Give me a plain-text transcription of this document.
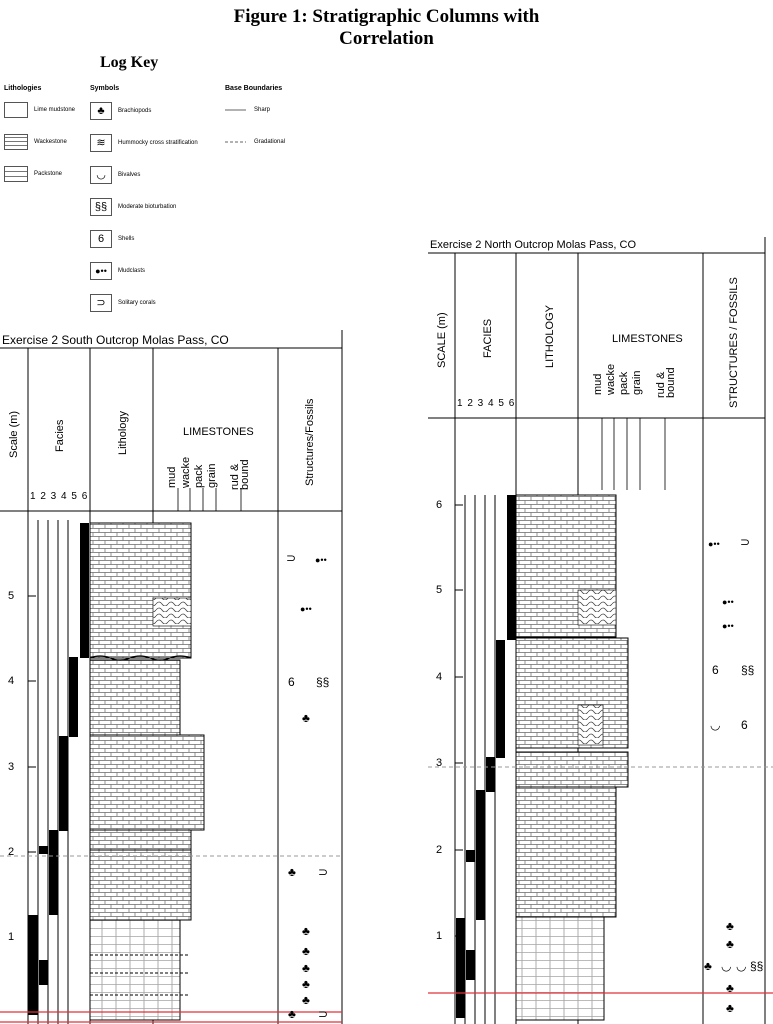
Figure 1: Stratigraphic Columns with
Correlation
Log Key
Lithologies	Symbols	Base Boundaries
Lime mudstone
Wackestone
Packstone
♣	Brachiopods
≋	Hummocky cross stratification
◡	Bivalves
§§	Moderate bioturbation
6	Shells
●••	Mudclasts
⊃	Solitary corals
Sharp
Gradational
Exercise 2 South Outcrop Molas Pass, CO
Scale (m)	Facies
1 2 3 4 5 6
Lithology	LIMESTONES
mud wacke pack grain rud & bound	Structures/Fossils
5
4
3
2
1
⊃ ●••
●••
6 §§
♣
♣ ⊃
♣
♣
♣
♣
♣
♣ ⊃
Exercise 2 North Outcrop Molas Pass, CO
SCALE (m)	FACIES
1 2 3 4 5 6
LITHOLOGY	LIMESTONES
mud wacke pack grain rud & bound	STRUCTURES / FOSSILS
6
5
4
3
2
1
●•• ⊃
●••
●••
6 §§
◡ 6
♣
♣
♣ ◡ ◡ §§
♣
♣
